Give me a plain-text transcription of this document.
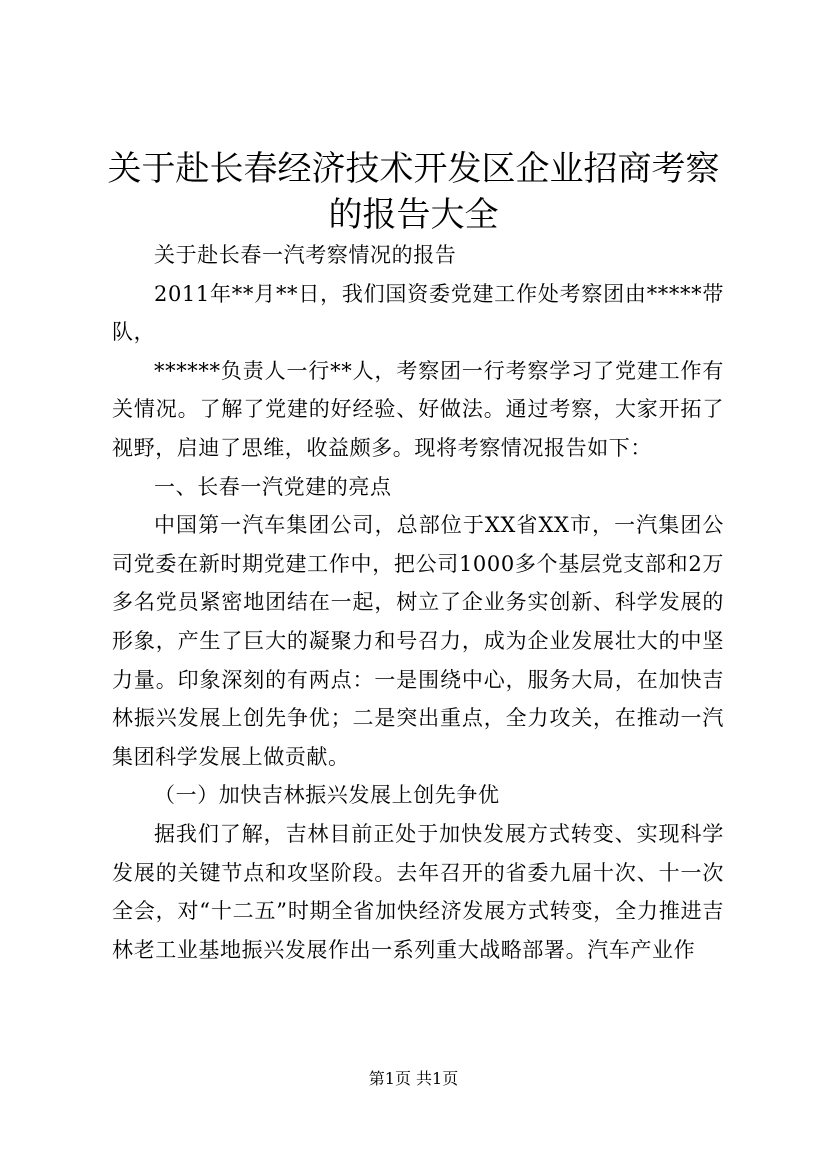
关于赴长春经济技术开发区企业招商考察的报告大全

关于赴长春一汽考察情况的报告

2011年**月**日，我们国资委党建工作处考察团由*****带队，

******负责人一行**人，考察团一行考察学习了党建工作有关情况。了解了党建的好经验、好做法。通过考察，大家开拓了视野，启迪了思维，收益颇多。现将考察情况报告如下：

一、长春一汽党建的亮点

中国第一汽车集团公司，总部位于XX省XX市，一汽集团公司党委在新时期党建工作中，把公司1000多个基层党支部和2万多名党员紧密地团结在一起，树立了企业务实创新、科学发展的形象，产生了巨大的凝聚力和号召力，成为企业发展壮大的中坚力量。印象深刻的有两点：一是围绕中心，服务大局，在加快吉林振兴发展上创先争优；二是突出重点，全力攻关，在推动一汽集团科学发展上做贡献。

（一）加快吉林振兴发展上创先争优

据我们了解，吉林目前正处于加快发展方式转变、实现科学发展的关键节点和攻坚阶段。去年召开的省委九届十次、十一次全会，对“十二五”时期全省加快经济发展方式转变，全力推进吉林老工业基地振兴发展作出一系列重大战略部署。汽车产业作

第1页 共1页
